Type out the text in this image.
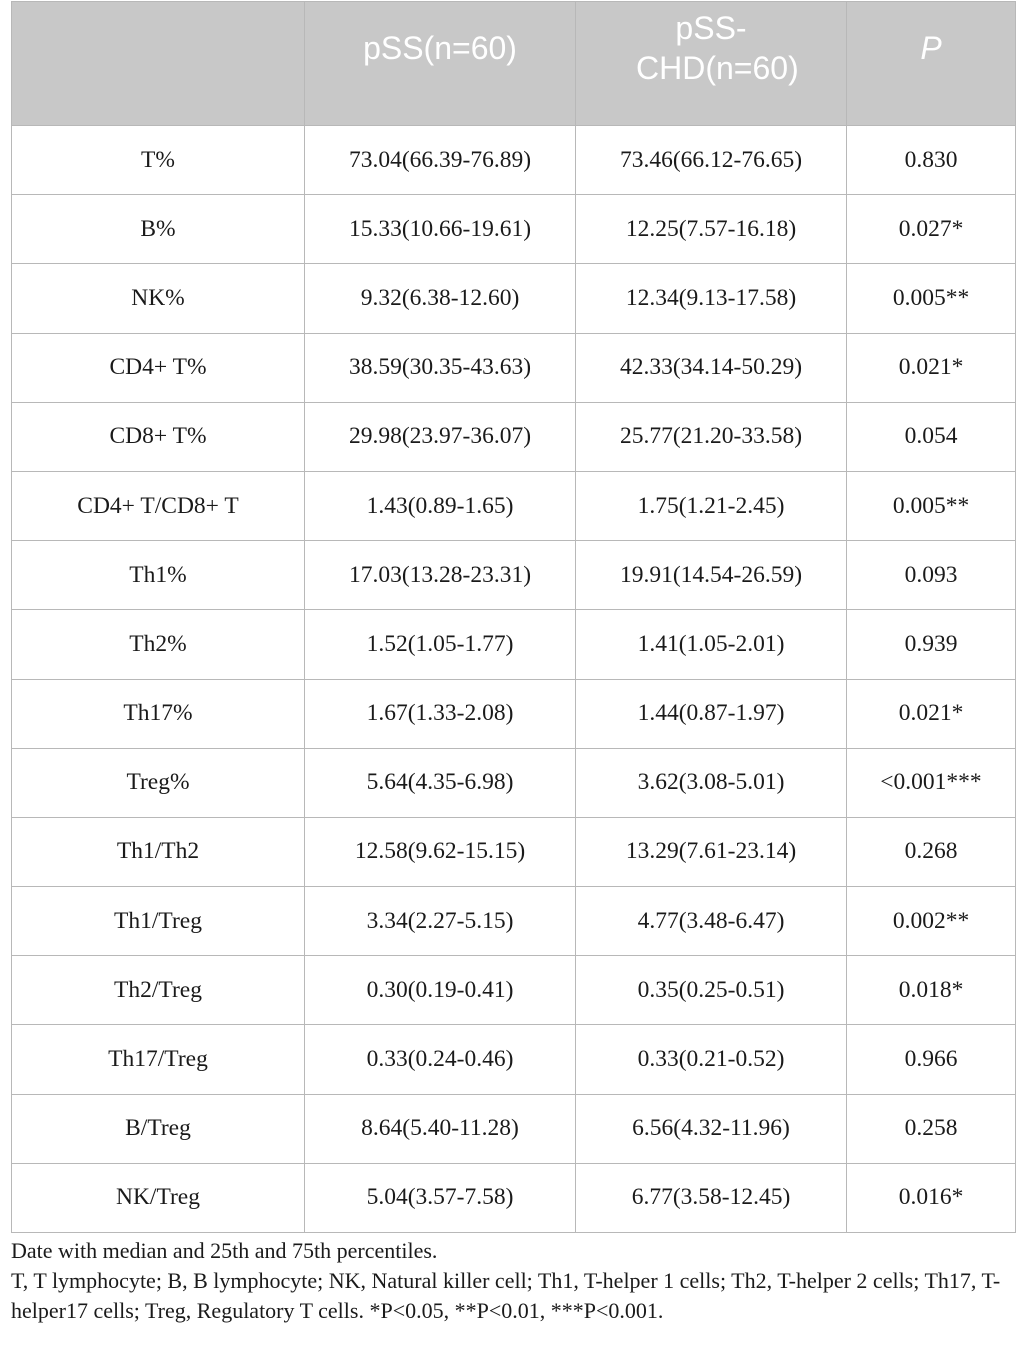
	pSS(n=60)	pSS-CHD(n=60)	P

T%	73.04(66.39-76.89)	73.46(66.12-76.65)	0.830
B%	15.33(10.66-19.61)	12.25(7.57-16.18)	0.027*
NK%	9.32(6.38-12.60)	12.34(9.13-17.58)	0.005**
CD4+ T%	38.59(30.35-43.63)	42.33(34.14-50.29)	0.021*
CD8+ T%	29.98(23.97-36.07)	25.77(21.20-33.58)	0.054
CD4+ T/CD8+ T	1.43(0.89-1.65)	1.75(1.21-2.45)	0.005**
Th1%	17.03(13.28-23.31)	19.91(14.54-26.59)	0.093
Th2%	1.52(1.05-1.77)	1.41(1.05-2.01)	0.939
Th17%	1.67(1.33-2.08)	1.44(0.87-1.97)	0.021*
Treg%	5.64(4.35-6.98)	3.62(3.08-5.01)	<0.001***
Th1/Th2	12.58(9.62-15.15)	13.29(7.61-23.14)	0.268
Th1/Treg	3.34(2.27-5.15)	4.77(3.48-6.47)	0.002**
Th2/Treg	0.30(0.19-0.41)	0.35(0.25-0.51)	0.018*
Th17/Treg	0.33(0.24-0.46)	0.33(0.21-0.52)	0.966
B/Treg	8.64(5.40-11.28)	6.56(4.32-11.96)	0.258
NK/Treg	5.04(3.57-7.58)	6.77(3.58-12.45)	0.016*

Date with median and 25th and 75th percentiles.

T, T lymphocyte; B, B lymphocyte; NK, Natural killer cell; Th1, T-helper 1 cells; Th2, T-helper 2 cells; Th17, T-helper17 cells; Treg, Regulatory T cells. *P<0.05, **P<0.01, ***P<0.001.
